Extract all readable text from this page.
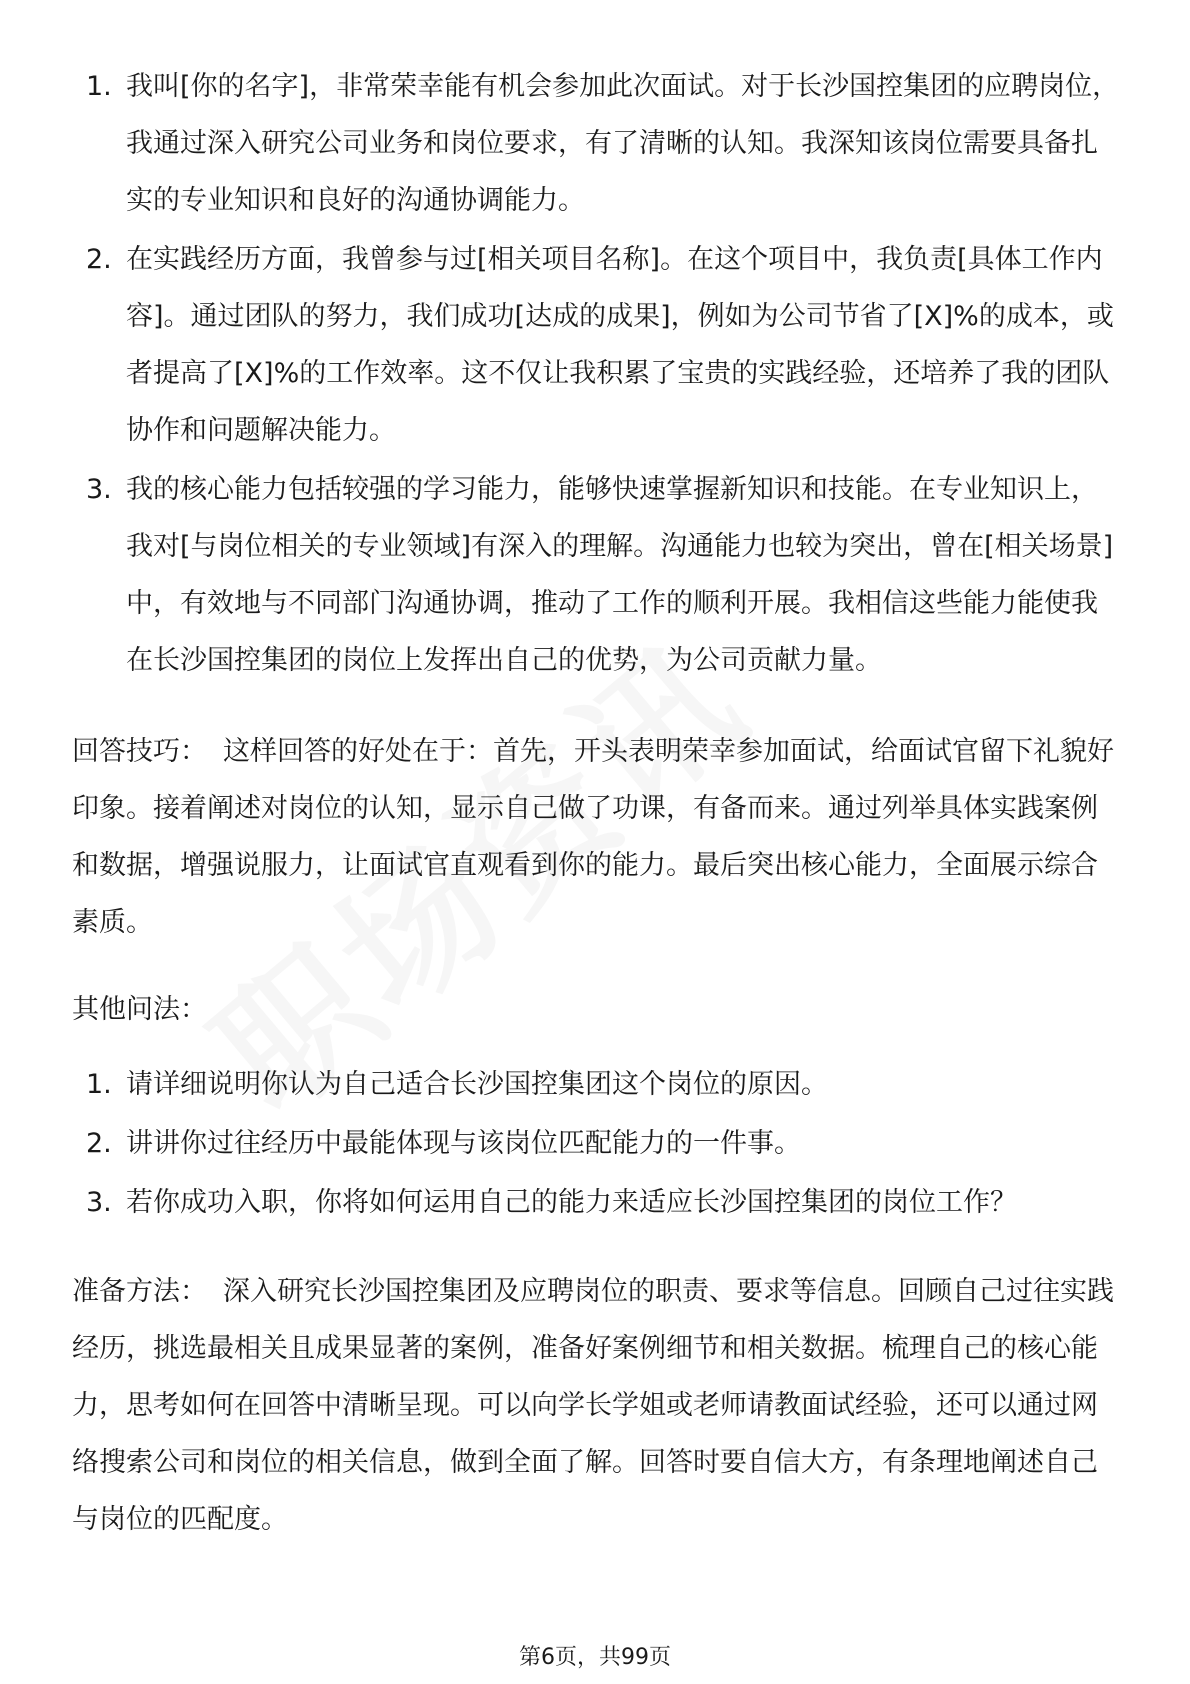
1. 我叫[你的名字]，非常荣幸能有机会参加此次面试。对于长沙国控集团的应聘岗位，我通过深入研究公司业务和岗位要求，有了清晰的认知。我深知该岗位需要具备扎实的专业知识和良好的沟通协调能力。
2. 在实践经历方面，我曾参与过[相关项目名称]。在这个项目中，我负责[具体工作内容]。通过团队的努力，我们成功[达成的成果]，例如为公司节省了[X]%的成本，或者提高了[X]%的工作效率。这不仅让我积累了宝贵的实践经验，还培养了我的团队协作和问题解决能力。
3. 我的核心能力包括较强的学习能力，能够快速掌握新知识和技能。在专业知识上，我对[与岗位相关的专业领域]有深入的理解。沟通能力也较为突出，曾在[相关场景]中，有效地与不同部门沟通协调，推动了工作的顺利开展。我相信这些能力能使我在长沙国控集团的岗位上发挥出自己的优势，为公司贡献力量。

回答技巧： 这样回答的好处在于：首先，开头表明荣幸参加面试，给面试官留下礼貌好印象。接着阐述对岗位的认知，显示自己做了功课，有备而来。通过列举具体实践案例和数据，增强说服力，让面试官直观看到你的能力。最后突出核心能力，全面展示综合素质。

其他问法：

1. 请详细说明你认为自己适合长沙国控集团这个岗位的原因。
2. 讲讲你过往经历中最能体现与该岗位匹配能力的一件事。
3. 若你成功入职，你将如何运用自己的能力来适应长沙国控集团的岗位工作？

准备方法： 深入研究长沙国控集团及应聘岗位的职责、要求等信息。回顾自己过往实践经历，挑选最相关且成果显著的案例，准备好案例细节和相关数据。梳理自己的核心能力，思考如何在回答中清晰呈现。可以向学长学姐或老师请教面试经验，还可以通过网络搜索公司和岗位的相关信息，做到全面了解。回答时要自信大方，有条理地阐述自己与岗位的匹配度。

第6页，共99页
